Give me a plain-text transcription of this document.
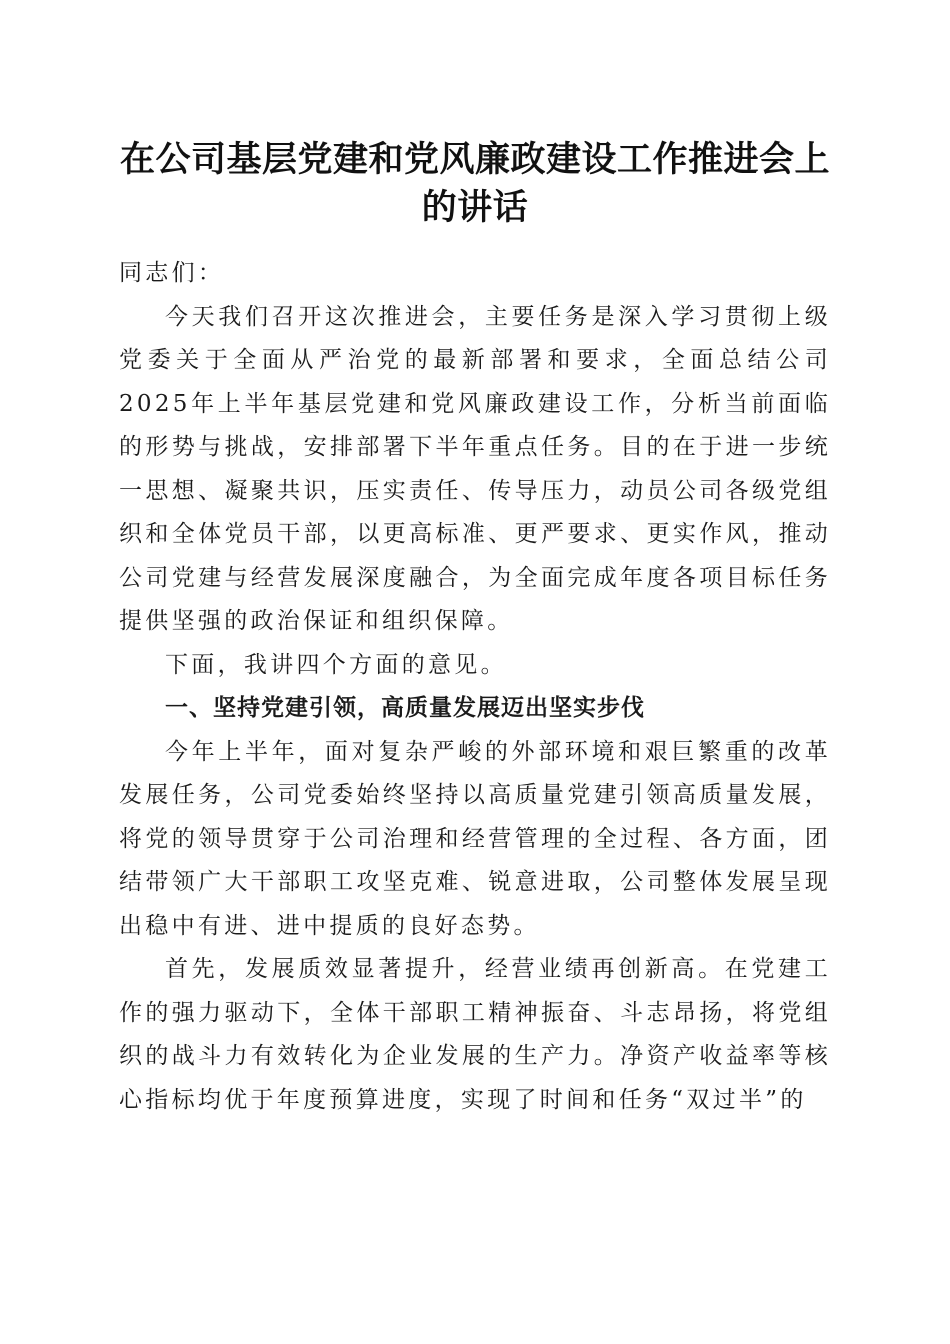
在公司基层党建和党风廉政建设工作推进会上
的讲话

同志们：

今天我们召开这次推进会，主要任务是深入学习贯彻上级党委关于全面从严治党的最新部署和要求，全面总结公司2025年上半年基层党建和党风廉政建设工作，分析当前面临的形势与挑战，安排部署下半年重点任务。目的在于进一步统一思想、凝聚共识，压实责任、传导压力，动员公司各级党组织和全体党员干部，以更高标准、更严要求、更实作风，推动公司党建与经营发展深度融合，为全面完成年度各项目标任务提供坚强的政治保证和组织保障。

下面，我讲四个方面的意见。

一、坚持党建引领，高质量发展迈出坚实步伐

今年上半年，面对复杂严峻的外部环境和艰巨繁重的改革发展任务，公司党委始终坚持以高质量党建引领高质量发展，将党的领导贯穿于公司治理和经营管理的全过程、各方面，团结带领广大干部职工攻坚克难、锐意进取，公司整体发展呈现出稳中有进、进中提质的良好态势。

首先，发展质效显著提升，经营业绩再创新高。在党建工作的强力驱动下，全体干部职工精神振奋、斗志昂扬，将党组织的战斗力有效转化为企业发展的生产力。净资产收益率等核心指标均优于年度预算进度，实现了时间和任务“双过半”的
